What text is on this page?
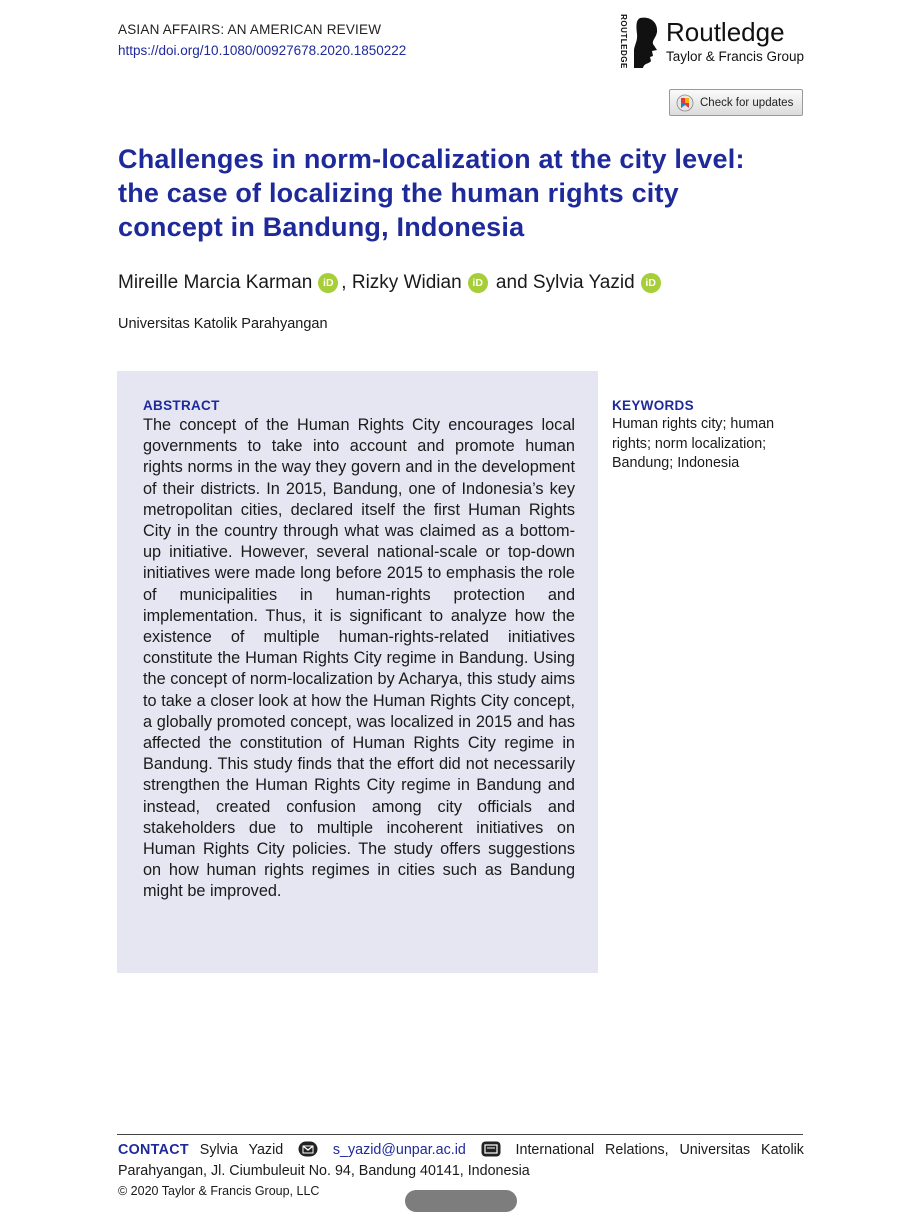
ASIAN AFFAIRS: AN AMERICAN REVIEW
https://doi.org/10.1080/00927678.2020.1850222	ROUTLEDGE Routledge
Taylor & Francis Group
Check for updates
Challenges in norm-localization at the city level: the case of localizing the human rights city concept in Bandung, Indonesia
Mireille Marcia Karman	iD , Rizky Widian	iD and Sylvia Yazid	iD
Universitas Katolik Parahyangan
ABSTRACT
The concept of the Human Rights City encourages local governments to take into account and promote human rights norms in the way they govern and in the development of their districts. In 2015, Bandung, one of Indonesia’s key metropolitan cities, declared itself the first Human Rights City in the country through what was claimed as a bottom-up initiative. However, several national-scale or top-down initiatives were made long before 2015 to emphasis the role of municipalities in human-rights protection and implementation. Thus, it is significant to analyze how the existence of multiple human-rights-related initiatives constitute the Human Rights City regime in Bandung. Using the concept of norm-localization by Acharya, this study aims to take a closer look at how the Human Rights City concept, a globally promoted concept, was localized in 2015 and has affected the constitution of Human Rights City regime in Bandung. This study finds that the effort did not necessarily strengthen the Human Rights City regime in Bandung and instead, created confusion among city officials and stakeholders due to multiple incoherent initiatives on Human Rights City policies. The study offers suggestions on how human rights regimes in cities such as Bandung might be improved.
KEYWORDS
Human rights city; human rights; norm localization; Bandung; Indonesia
CONTACT Sylvia Yazid	s_yazid@unpar.ac.id	International Relations, Universitas Katolik Parahyangan, Jl. Ciumbuleuit No. 94, Bandung 40141, Indonesia
© 2020 Taylor & Francis Group, LLC
